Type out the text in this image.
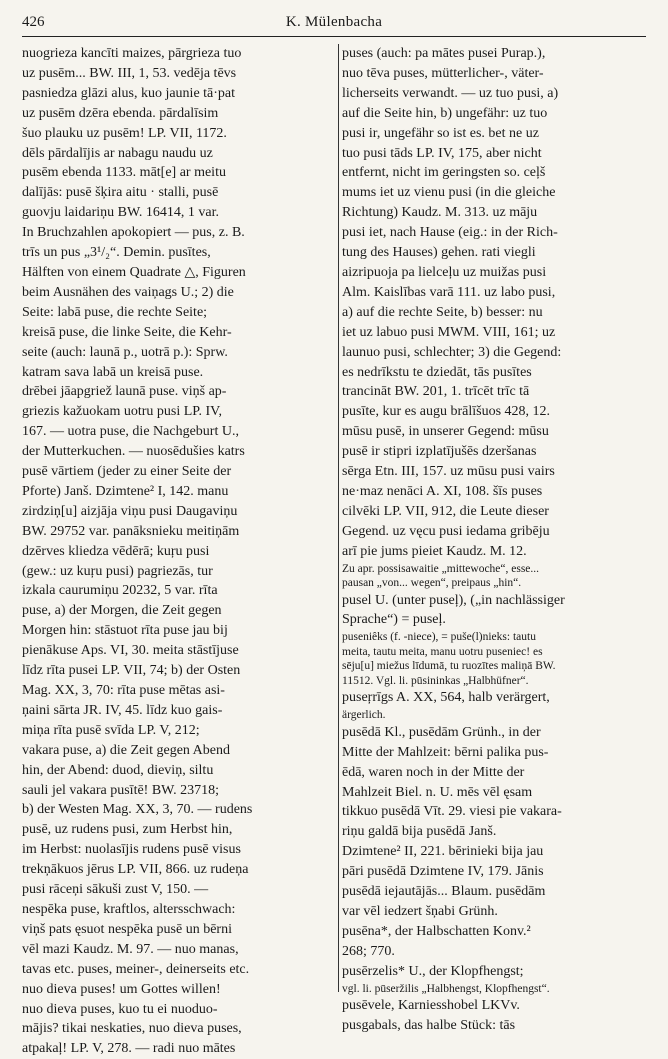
426	K. Mülenbacha

nuogrieza kancīti maizes, pārgrieza tuo

uz pusēm... BW. III, 1, 53. vedēja tēvs

pasniedza glāzi alus, kuo jaunie tā·pat

uz pusēm dzēra ebenda. pārdalīsim

šuo plauku uz pusēm! LP. VII, 1172.

dēls pārdalījis ar nabagu naudu uz

pusēm ebenda 1133. māt[e] ar meitu

dalījās: pusē šķira aitu · stalli, pusē

guovju laidariņu BW. 16414, 1 var.

In Bruchzahlen apokopiert — pus, z. B.

trīs un pus „3¹/₂“. Demin. pusītes,

Hälften von einem Quadrate △, Figuren

beim Ausnähen des vaiņags U.; 2) die

Seite: labā puse, die rechte Seite;

kreisā puse, die linke Seite, die Kehr-

seite (auch: launā p., uotrā p.): Sprw.

katram sava labā un kreisā puse.

drēbei jāapgriež launā puse. viņš ap-

griezis kažuokam uotru pusi LP. IV,

167. — uotra puse, die Nachgeburt U.,

der Mutterkuchen. — nuosēdušies katrs

pusē vārtiem (jeder zu einer Seite der

Pforte) Janš. Dzimtene² I, 142. manu

zirdziņ[u] aizjāja viņu pusi Daugaviņu

BW. 29752 var. panāksnieku meitiņām

dzērves kliedza vēdērā; kuŗu pusi

(gew.: uz kuŗu pusi) pagriezās, tur

izkala caurumiņu 20232, 5 var. rīta

puse, a) der Morgen, die Zeit gegen

Morgen hin: stāstuot rīta puse jau bij

pienākuse Aps. VI, 30. meita stāstījuse

līdz rīta pusei LP. VII, 74; b) der Osten

Mag. XX, 3, 70: rīta puse mētas asi-

ņaini sārta JR. IV, 45. līdz kuo gais-

miņa rīta pusē svīda LP. V, 212;

vakara puse, a) die Zeit gegen Abend

hin, der Abend: duod, dieviņ, siltu

sauli jel vakara pusītē! BW. 23718;

b) der Westen Mag. XX, 3, 70. — rudens

pusē, uz rudens pusi, zum Herbst hin,

im Herbst: nuolasījis rudens pusē visus

trekņākuos jērus LP. VII, 866. uz rudeņa

pusi rāceņi sākuši zust V, 150. —

nespēka puse, kraftlos, altersschwach:

viņš pats ęsuot nespēka pusē un bērni

vēl mazi Kaudz. M. 97. — nuo manas,

tavas etc. puses, meiner-, deinerseits etc.

nuo dieva puses! um Gottes willen!

nuo dieva puses, kuo tu ei nuoduo-

mājis? tikai neskaties, nuo dieva puses,

atpakaļ! LP. V, 278. — radi nuo mātes

puses (auch: pa mātes pusei Purap.),

nuo tēva puses, mütterlicher-, väter-

licherseits verwandt. — uz tuo pusi, a)

auf die Seite hin, b) ungefähr: uz tuo

pusi ir, ungefähr so ist es. bet ne uz

tuo pusi tāds LP. IV, 175, aber nicht

entfernt, nicht im geringsten so. ceļš

mums iet uz vienu pusi (in die gleiche

Richtung) Kaudz. M. 313. uz māju

pusi iet, nach Hause (eig.: in der Rich-

tung des Hauses) gehen. rati viegli

aizripuoja pa lielceļu uz muižas pusi

Alm. Kaislības varā 111. uz labo pusi,

a) auf die rechte Seite, b) besser: nu

iet uz labuo pusi MWM. VIII, 161; uz

launuo pusi, schlechter; 3) die Gegend:

es nedrīkstu te dziedāt, tās pusītes

trancināt BW. 201, 1. trīcēt trīc tā

pusīte, kur es augu brālīšuos 428, 12.

mūsu pusē, in unserer Gegend: mūsu

pusē ir stipri izplatījušēs dzeršanas

sērga Etn. III, 157. uz mūsu pusi vairs

ne·maz nenāci A. XI, 108. šīs puses

cilvēki LP. VII, 912, die Leute dieser

Gegend. uz vęcu pusi iedama gribēju

arī pie jums pieiet Kaudz. M. 12.

Zu apr. possisawaitie „mittewoche“, esse...

pausan „von... wegen“, preipaus „hin“.

pusel U. (unter puseļ), („in nachlässiger

Sprache“) = puseļ.

puseniêks (f. -niece), = puše(l)nieks: tautu

meita, tautu meita, manu uotru puseniec! es

sēju[u] miežus līdumā, tu ruozītes maliņā BW.

11512. Vgl. li. pūsininkas „Halbhüfner“.

puseŗrīgs A. XX, 564, halb verärgert,

ärgerlich.

pusēdā Kl., pusēdām Grünh., in der

Mitte der Mahlzeit: bērni palika pus-

ēdā, waren noch in der Mitte der

Mahlzeit Biel. n. U. mēs vēl ęsam

tikkuo pusēdā Vīt. 29. viesi pie vakara-

riņu galdā bija pusēdā Janš.

Dzimtene² II, 221. bēriniekі bija jau

pāri pusēdā Dzimtene IV, 179. Jānis

pusēdā iejautājās... Blaum. pusēdām

var vēl iedzert šņabi Grünh.

pusēna*, der Halbschatten Konv.²

268; 770.

pusērzelis* U., der Klopfhengst;

vgl. li. pūseržilis „Halbhengst, Klopfhengst“.

pusēvele, Karniesshobel LKVv.

pusgabals, das halbe Stück: tās
